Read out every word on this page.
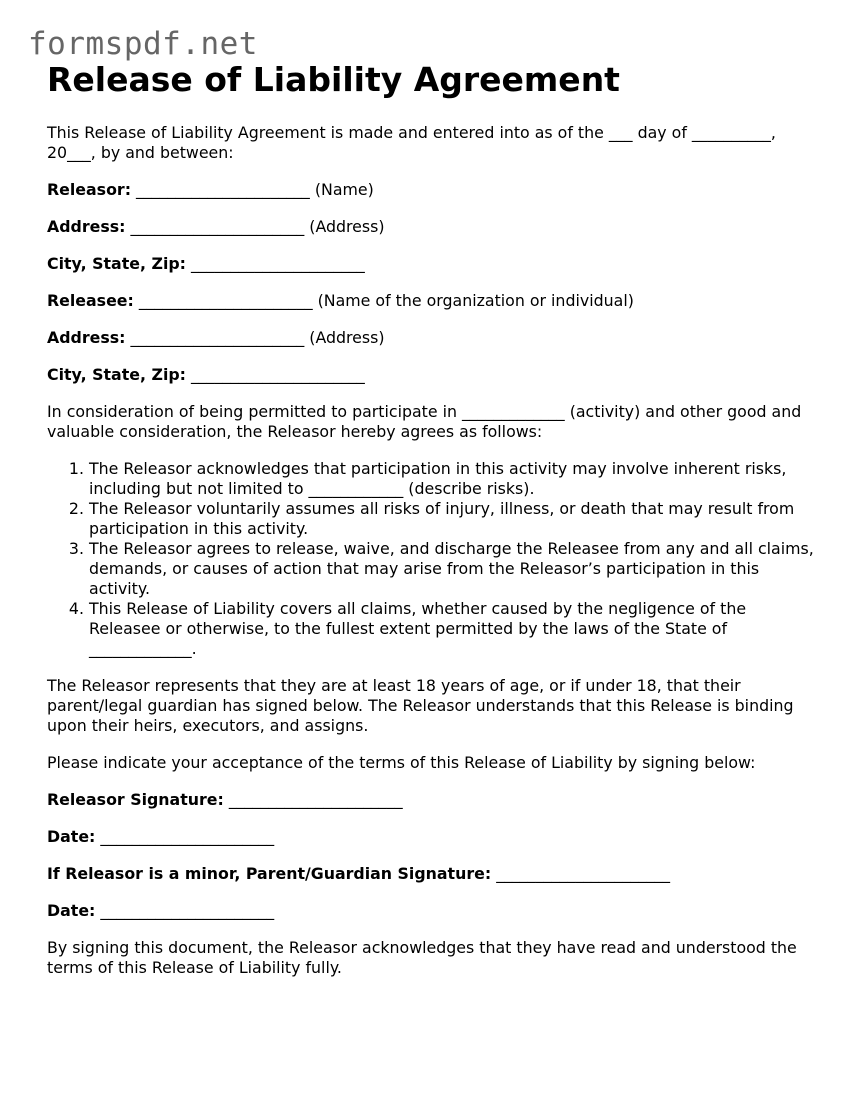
formspdf.net
Release of Liability Agreement

This Release of Liability Agreement is made and entered into as of the ___ day of __________, 20___, by and between:

Releasor: ______________________ (Name)

Address: ______________________ (Address)

City, State, Zip: ______________________

Releasee: ______________________ (Name of the organization or individual)

Address: ______________________ (Address)

City, State, Zip: ______________________

In consideration of being permitted to participate in _____________ (activity) and other good and valuable consideration, the Releasor hereby agrees as follows:

1. The Releasor acknowledges that participation in this activity may involve inherent risks, including but not limited to ____________ (describe risks).
2. The Releasor voluntarily assumes all risks of injury, illness, or death that may result from participation in this activity.
3. The Releasor agrees to release, waive, and discharge the Releasee from any and all claims, demands, or causes of action that may arise from the Releasor’s participation in this activity.
4. This Release of Liability covers all claims, whether caused by the negligence of the Releasee or otherwise, to the fullest extent permitted by the laws of the State of _____________.

The Releasor represents that they are at least 18 years of age, or if under 18, that their parent/legal guardian has signed below. The Releasor understands that this Release is binding upon their heirs, executors, and assigns.

Please indicate your acceptance of the terms of this Release of Liability by signing below:

Releasor Signature: ______________________

Date: ______________________

If Releasor is a minor, Parent/Guardian Signature: ______________________

Date: ______________________

By signing this document, the Releasor acknowledges that they have read and understood the terms of this Release of Liability fully.
